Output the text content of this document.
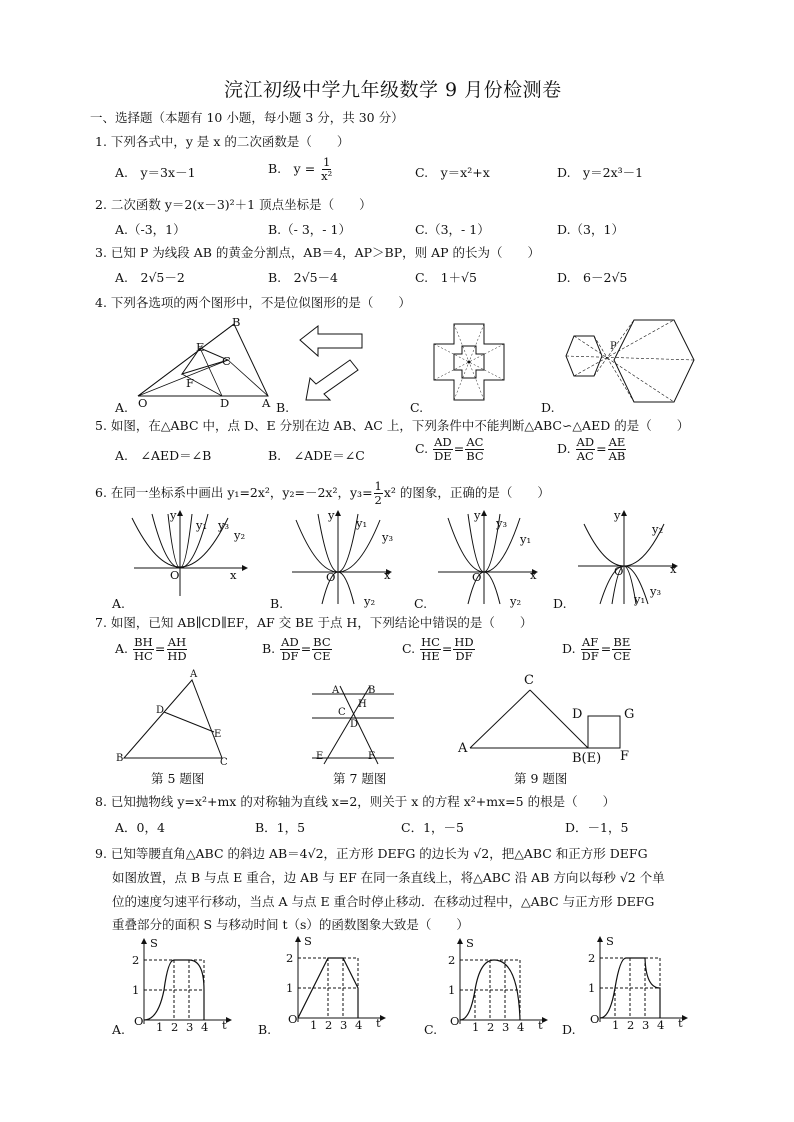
浣江初级中学九年级数学 9 月份检测卷
一、选择题（本题有 10 小题，每小题 3 分，共 30 分）
1. 下列各式中，y 是 x 的二次函数是（　　）
A.　y＝3x－1	B.　$y = \frac{1}{\text{x²}}$	C.　y＝x²+x	D.　y＝2x³－1
2. 二次函数 y＝2(x－3)²＋1 顶点坐标是（　　）
A.（-3，1）	B.（- 3，- 1）	C.（3，- 1）	D.（3，1）
3. 已知 P 为线段 AB 的黄金分割点，AB＝4，AP＞BP，则 AP 的长为（　　）
A.　2√5－2	B.　2√5－4	C.　1＋√5	D.　6－2√5
4. 下列各选项的两个图形中，不是位似图形的是（　　）
B
E
C
F
O	D	A
A.	B.	C.
P
D.
5. 如图，在△ABC 中，点 D、E 分别在边 AB、AC 上，下列条件中不能判断△ABC∽△AED 的是（　　）
A.　∠AED＝∠B	B.　∠ADE＝∠C	C. $\frac{AD}{DE} = \frac{AC}{BC}$	D. $\frac{AD}{AC} = \frac{AE}{AB}$
6. 在同一坐标系中画出 y₁=2x²，y₂=－2x²，$y_3= \frac{1}{2} x^2$ 的图象，正确的是（　　）
y
y₁ y₃
y₂
O	x
A.
y
y₁
y₃
O	x
y₂
B.
y
y₃
y₁
O	x
y₂
C.
y
y₂
O	x
y₃
y₁
D.
7. 如图，已知 AB∥CD∥EF，AF 交 BE 于点 H，下列结论中错误的是（　　）
A. $\frac{BH}{HC} = \frac{AH}{HD}$	B. $\frac{AD}{DF} = \frac{BC}{CE}$	C. $\frac{HC}{HE} = \frac{HD}{DF}$	D. $\frac{AF}{DF} = \frac{BE}{CE}$
A
D
E
B	C
第 5 题图
A	B
H
C
D
E	F
第 7 题图
C
D	G
A
B(E) F
第 9 题图
8. 已知抛物线 y=x²+mx 的对称轴为直线 x=2，则关于 x 的方程 x²+mx=5 的根是（　　）
A．0，4	B．1，5	C．1，－5	D．－1，5
9. 已知等腰直角△ABC 的斜边 AB＝4√2，正方形 DEFG 的边长为 √2，把△ABC 和正方形 DEFG
如图放置，点 B 与点 E 重合，边 AB 与 EF 在同一条直线上，将△ABC 沿 AB 方向以每秒 √2 个单
位的速度匀速平行移动，当点 A 与点 E 重合时停止移动．在移动过程中，△ABC 与正方形 DEFG
重叠部分的面积 S 与移动时间 t（s）的函数图象大致是（　　）
S
2
1
O 1 2 3 4 t
A.
S
2
1
O 1 2 3 4 t
B.
S
2
1
O 1 2 3 4 t
C.
S
2
1
O 1 2 3 4 t
D.
